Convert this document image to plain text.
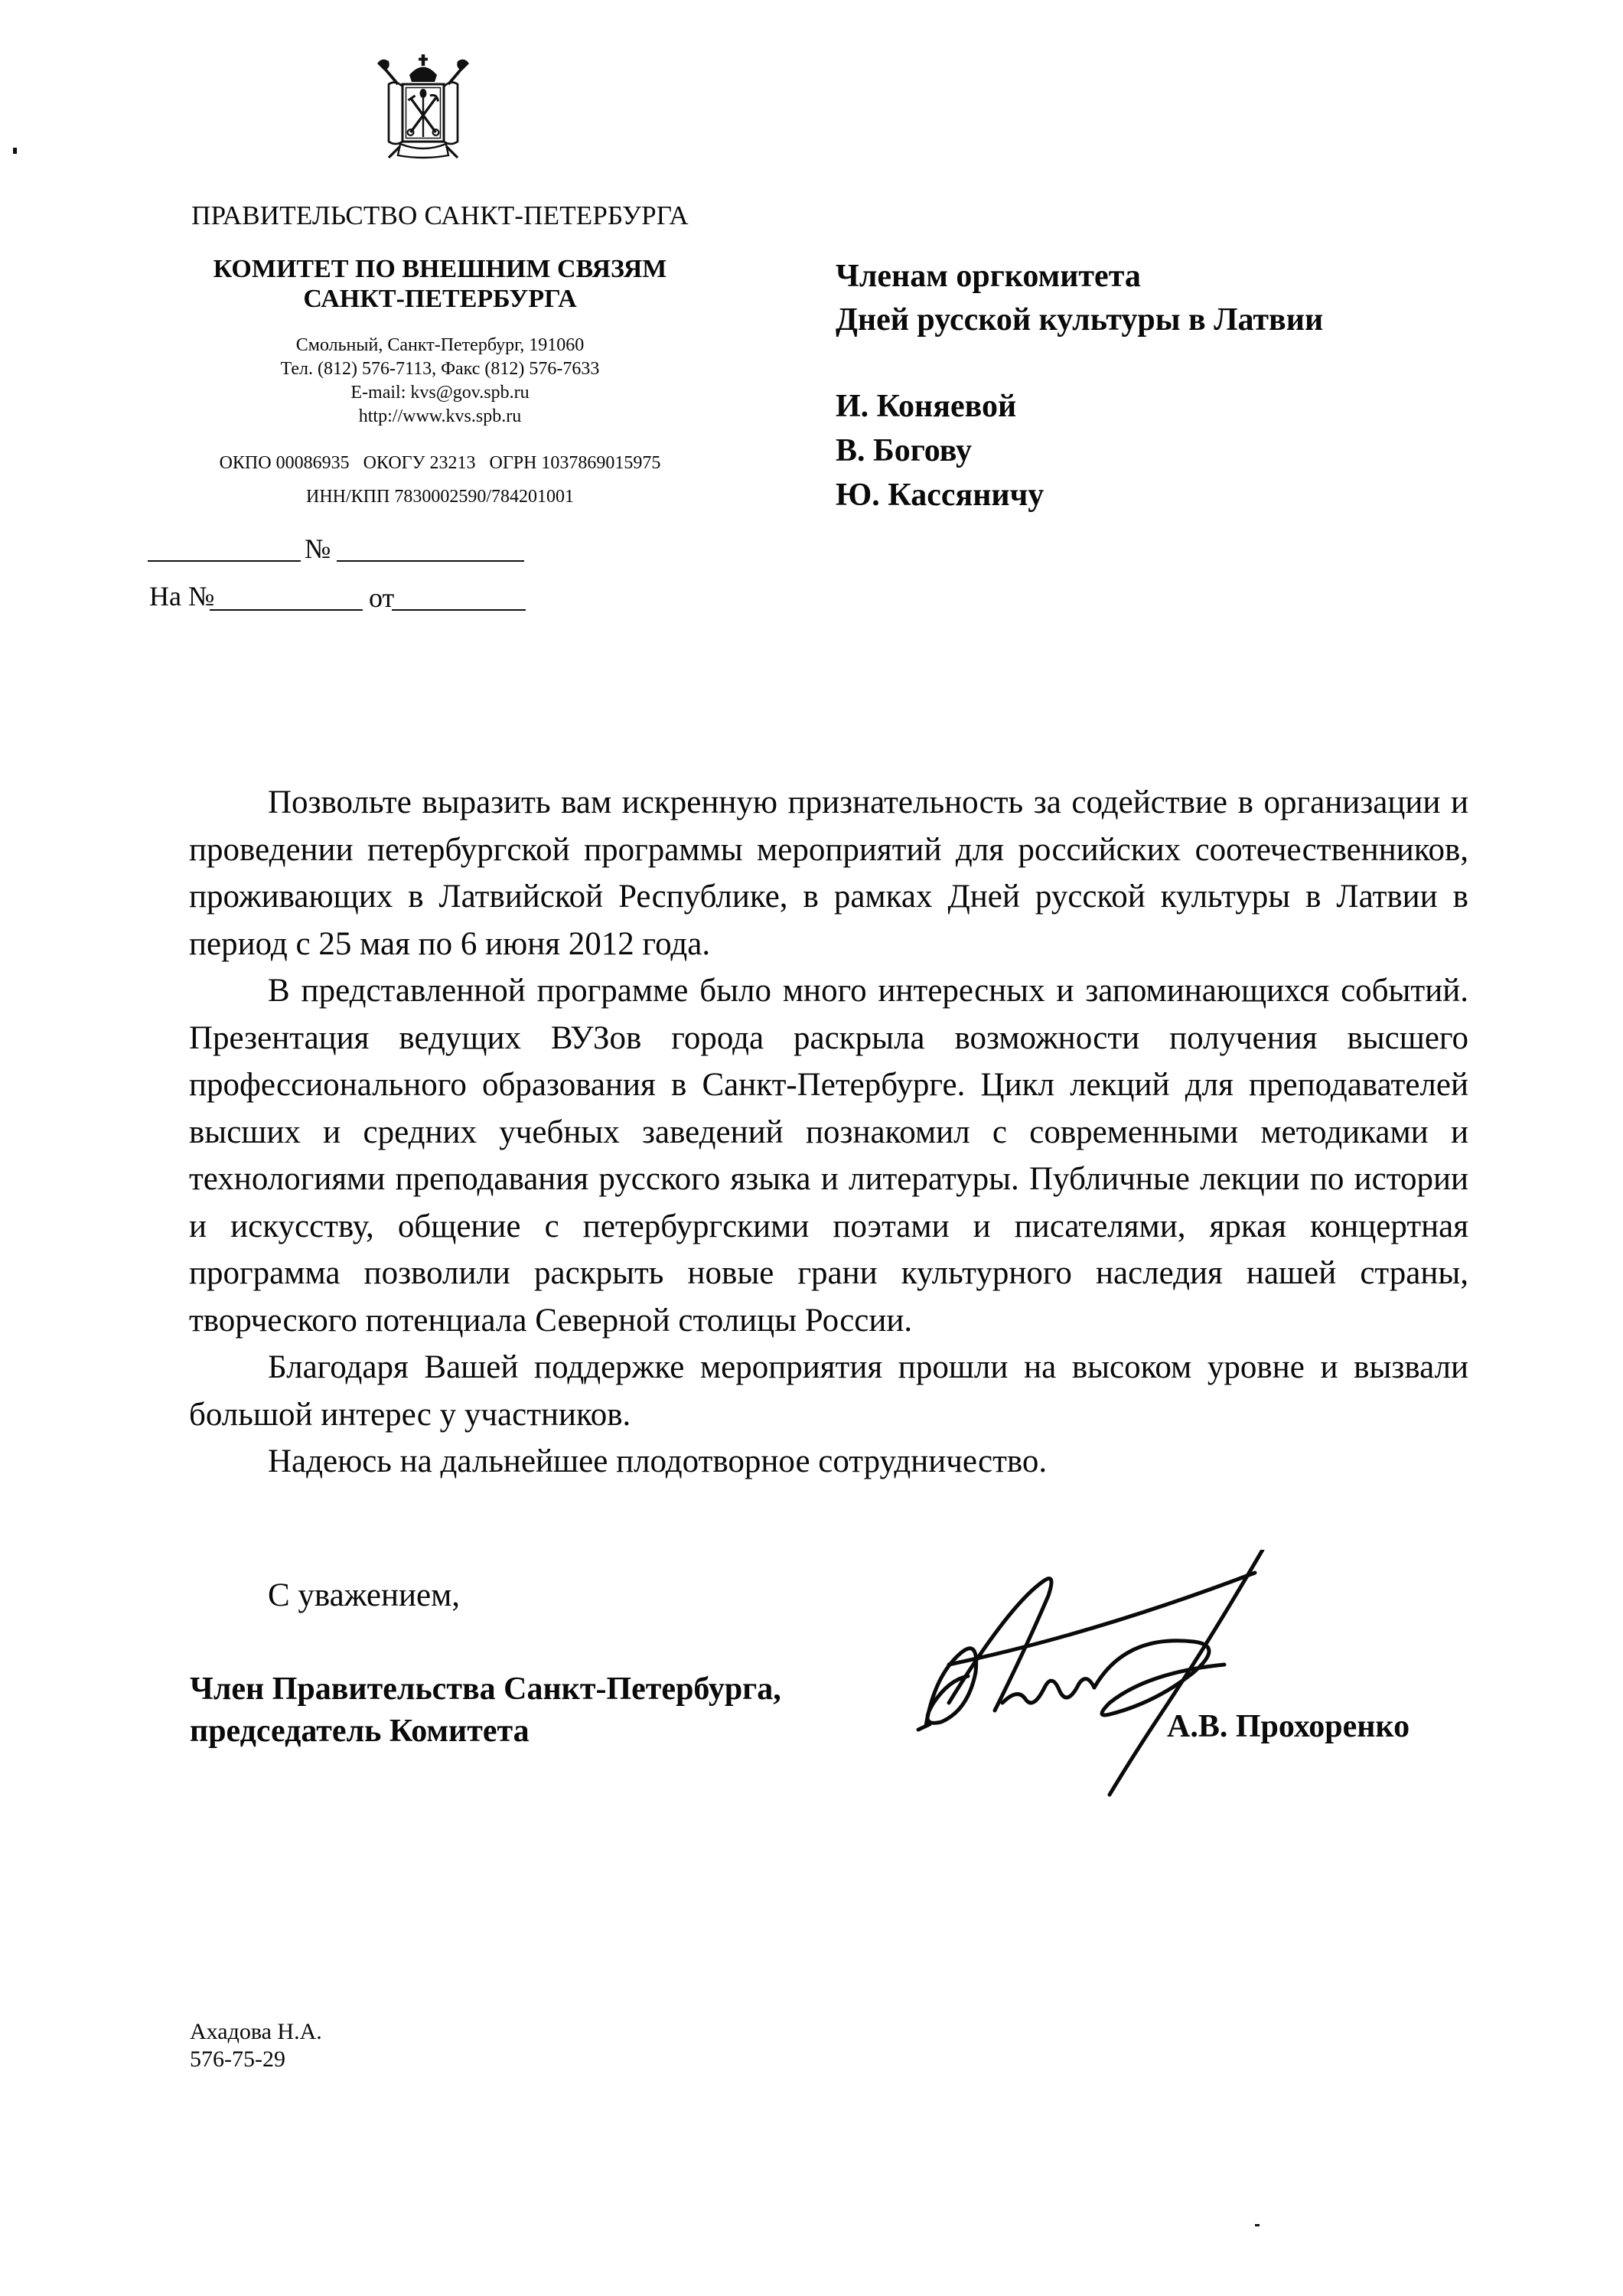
ПРАВИТЕЛЬСТВО САНКТ-ПЕТЕРБУРГА
КОМИТЕТ ПО ВНЕШНИМ СВЯЗЯМ
САНКТ-ПЕТЕРБУРГА
Смольный, Санкт-Петербург, 191060
Тел. (812) 576-7113, Факс (812) 576-7633
E-mail: kvs@gov.spb.ru
http://www.kvs.spb.ru
ОКПО 00086935   ОКОГУ 23213   ОГРН 1037869015975
ИНН/КПП 7830002590/784201001
№
На №	от
Членам оргкомитета
Дней русской культуры в Латвии
И. Коняевой
В. Богову
Ю. Кассяничу

Позвольте выразить вам искренную признательность за содействие в организации и проведении петербургской программы мероприятий для российских соотечественников, проживающих в Латвийской Республике, в рамках Дней русской культуры в Латвии в период с 25 мая по 6 июня 2012 года.

В представленной программе было много интересных и запоминающихся событий. Презентация ведущих ВУЗов города раскрыла возможности получения высшего профессионального образования в Санкт-Петербурге. Цикл лекций для преподавателей высших и средних учебных заведений познакомил с современными методиками и технологиями преподавания русского языка и литературы. Публичные лекции по истории и искусству, общение с петербургскими поэтами и писателями, яркая концертная программа позволили раскрыть новые грани культурного наследия нашей страны, творческого потенциала Северной столицы России.

Благодаря Вашей поддержке мероприятия прошли на высоком уровне и вызвали большой интерес у участников.

Надеюсь на дальнейшее плодотворное сотрудничество.

С уважением,
Член Правительства Санкт-Петербурга,
председатель Комитета	А.В. Прохоренко
Ахадова Н.А.
576-75-29
